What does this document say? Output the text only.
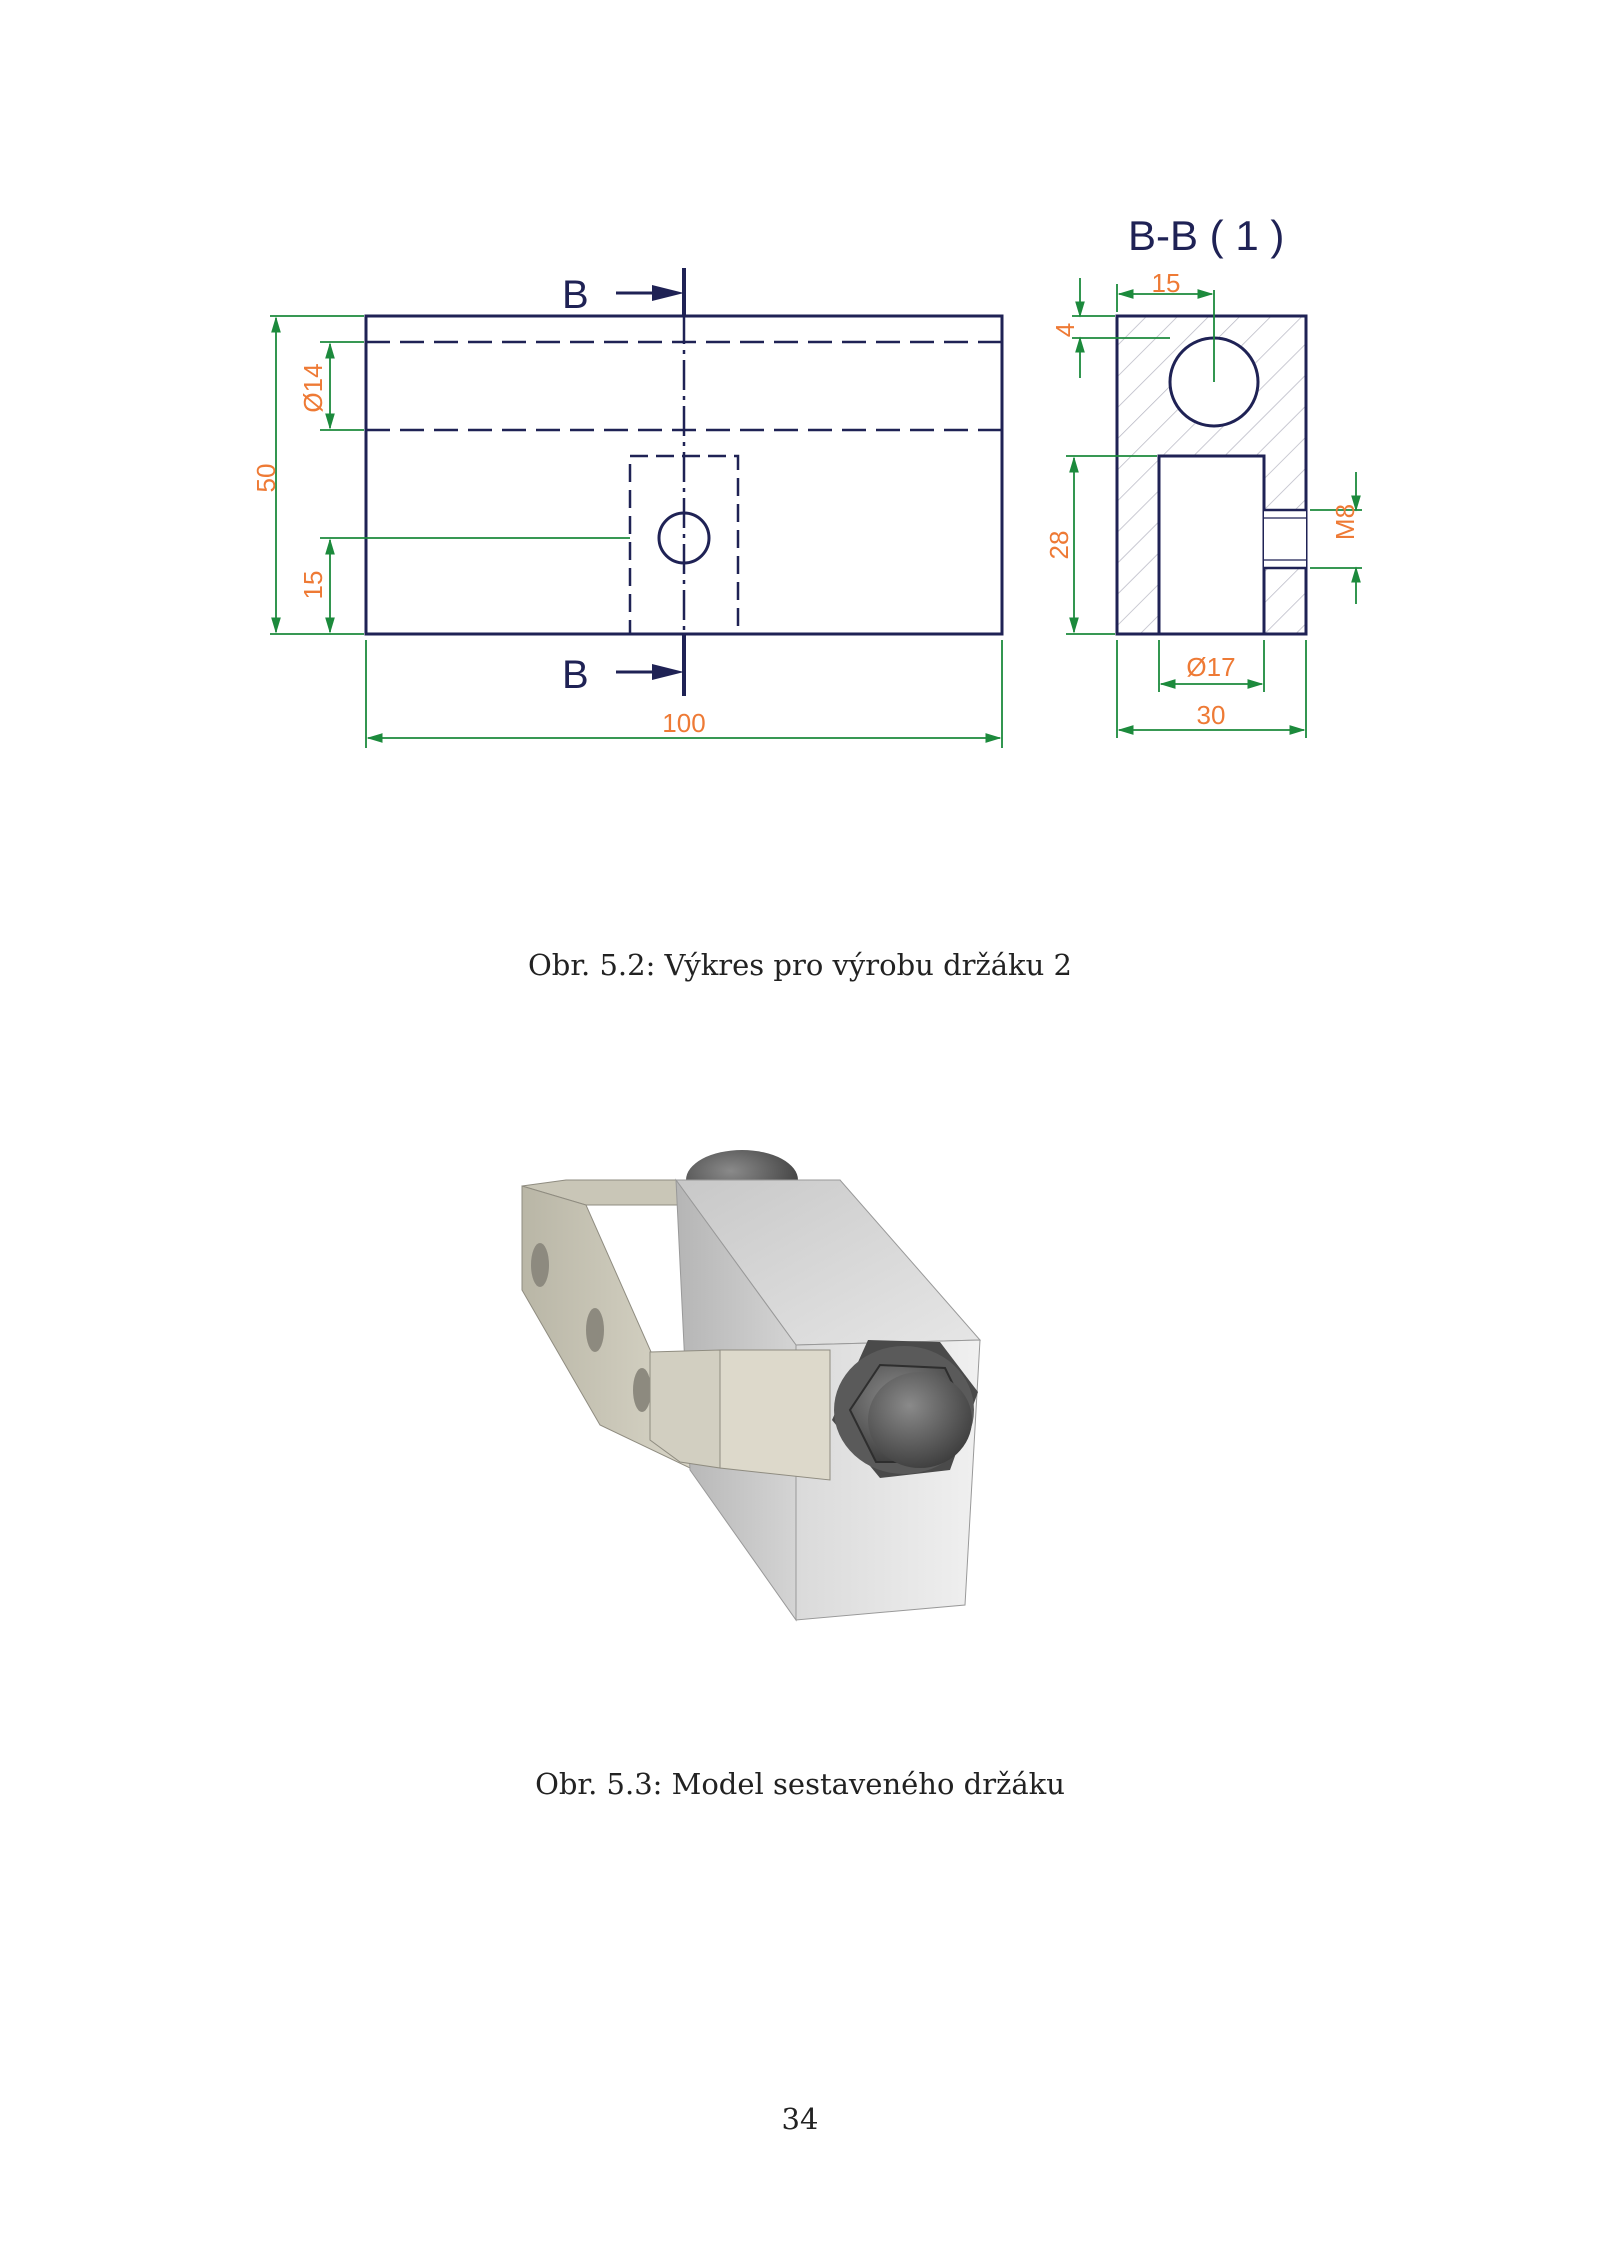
B
B
100
50
Ø14
15
B-B ( 1 )
15
4
28
Ø17
30
M8
Obr. 5.2: Výkres pro výrobu držáku 2
Obr. 5.3: Model sestaveného držáku
34
